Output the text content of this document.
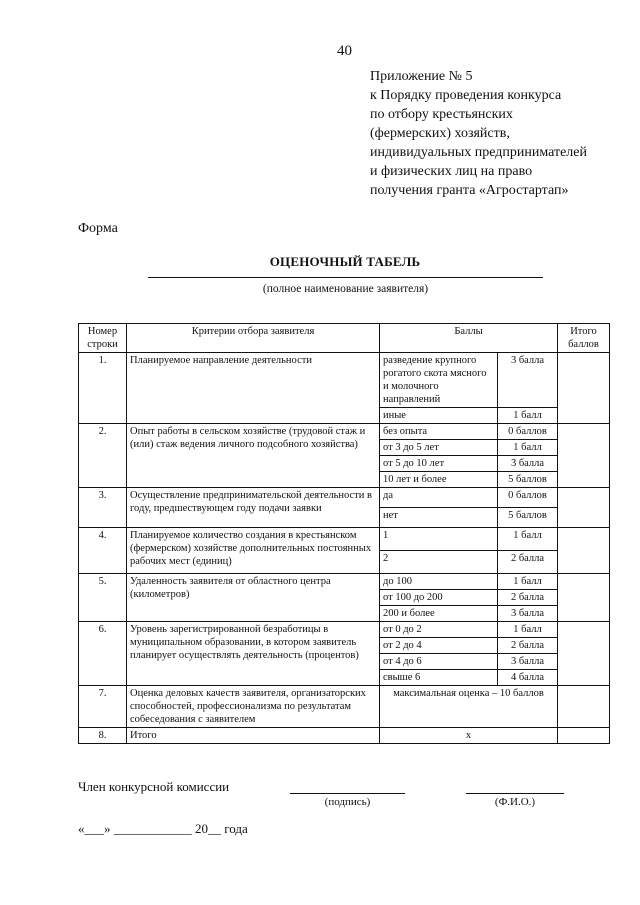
40
Приложение № 5
к Порядку проведения конкурса
по отбору крестьянских
(фермерских) хозяйств,
индивидуальных предпринимателей
и физических лиц на право
получения гранта «Агростартап»
Форма
ОЦЕНОЧНЫЙ ТАБЕЛЬ
(полное наименование заявителя)
Номер строки	Критерии отбора заявителя	Баллы		Итого баллов
1.	Планируемое направление деятельности	разведение крупного рогатого скота мясного и молочного направлений	3 балла	
		иные	1 балл	
2.	Опыт работы в сельском хозяйстве (трудовой стаж и (или) стаж ведения личного подсобного хозяйства)	без опыта	0 баллов	
		от 3 до 5 лет	1 балл	
		от 5 до 10 лет	3 балла	
		10 лет и более	5 баллов	
3.	Осуществление предпринимательской деятельности в году, предшествующем году подачи заявки	да	0 баллов	
		нет	5 баллов	
4.	Планируемое количество создания в крестьянском (фермерском) хозяйстве дополнительных постоянных рабочих мест (единиц)	1	1 балл	
		2	2 балла	
5.	Удаленность заявителя от областного центра (километров)	до 100	1 балл	
		от 100 до 200	2 балла	
		200 и более	3 балла	
6.	Уровень зарегистрированной безработицы в муниципальном образовании, в котором заявитель планирует осуществлять деятельность (процентов)	от 0 до 2	1 балл	
		от 2 до 4	2 балла	
		от 4 до 6	3 балла	
		свыше 6	4 балла	
7.	Оценка деловых качеств заявителя, организаторских способностей, профессионализма по результатам собеседования с заявителем	максимальная оценка – 10 баллов		
8.	Итого	х		
Член конкурсной комиссии
(подпись)	(Ф.И.О.)
«___» ____________ 20__ года
